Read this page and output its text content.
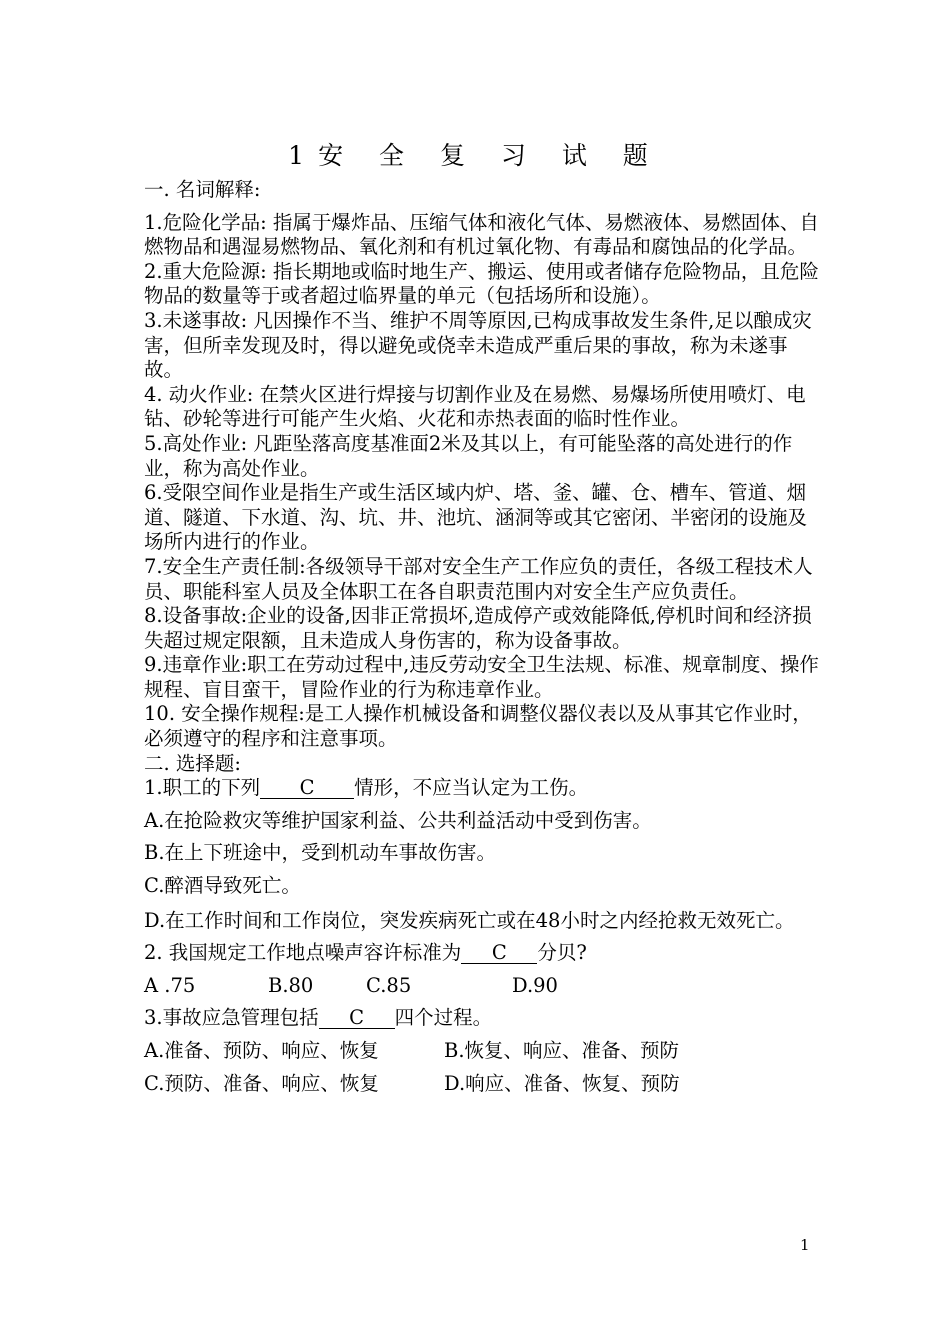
1安 全 复 习 试 题

一. 名词解释:

1.危险化学品: 指属于爆炸品、压缩气体和液化气体、易燃液体、易燃固体、自燃物品和遇湿易燃物品、氧化剂和有机过氧化物、有毒品和腐蚀品的化学品。

2.重大危险源: 指长期地或临时地生产、搬运、使用或者储存危险物品，且危险物品的数量等于或者超过临界量的单元（包括场所和设施）。

3.未遂事故: 凡因操作不当、维护不周等原因,已构成事故发生条件,足以酿成灾害，但所幸发现及时，得以避免或侥幸未造成严重后果的事故，称为未遂事故。

4. 动火作业: 在禁火区进行焊接与切割作业及在易燃、易爆场所使用喷灯、电钻、砂轮等进行可能产生火焰、火花和赤热表面的临时性作业。

5.高处作业: 凡距坠落高度基准面2米及其以上，有可能坠落的高处进行的作业，称为高处作业。

6.受限空间作业是指生产或生活区域内炉、塔、釜、罐、仓、槽车、管道、烟道、隧道、下水道、沟、坑、井、池坑、涵洞等或其它密闭、半密闭的设施及场所内进行的作业。

7.安全生产责任制:各级领导干部对安全生产工作应负的责任，各级工程技术人员、职能科室人员及全体职工在各自职责范围内对安全生产应负责任。

8.设备事故:企业的设备,因非正常损坏,造成停产或效能降低,停机时间和经济损失超过规定限额，且未造成人身伤害的，称为设备事故。

9.违章作业:职工在劳动过程中,违反劳动安全卫生法规、标准、规章制度、操作规程、盲目蛮干，冒险作业的行为称违章作业。

10. 安全操作规程:是工人操作机械设备和调整仪器仪表以及从事其它作业时，必须遵守的程序和注意事项。

二. 选择题:

1.职工的下列 C 情形，不应当认定为工伤。

A.在抢险救灾等维护国家利益、公共利益活动中受到伤害。

B.在上下班途中，受到机动车事故伤害。

C.醉酒导致死亡。

D.在工作时间和工作岗位，突发疾病死亡或在48小时之内经抢救无效死亡。

2. 我国规定工作地点噪声容许标准为 C 分贝?

A .75	B.80	C.85	D.90

3.事故应急管理包括 C 四个过程。

A.准备、预防、响应、恢复	B.恢复、响应、准备、预防
C.预防、准备、响应、恢复	D.响应、准备、恢复、预防
1
